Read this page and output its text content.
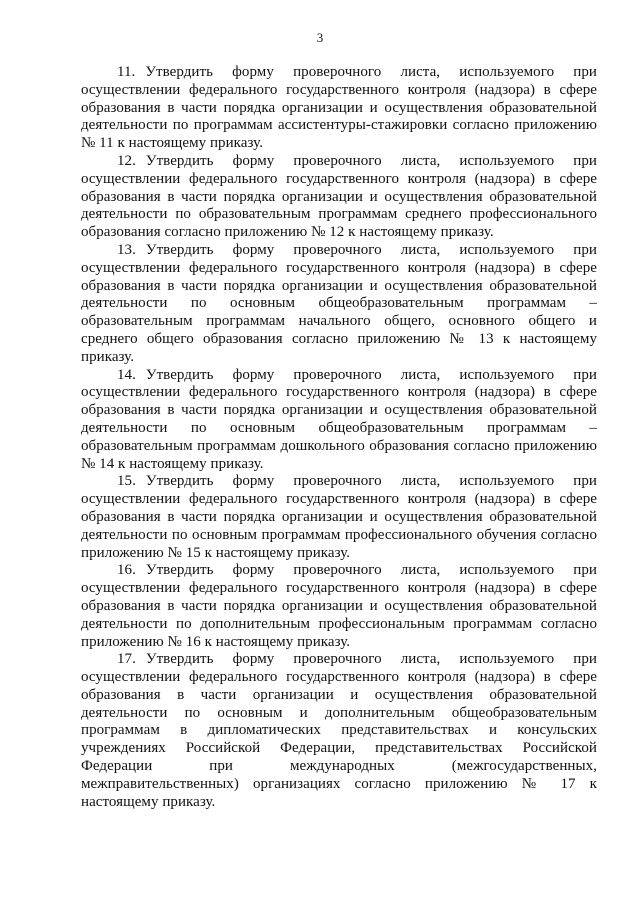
3

11. Утвердить форму проверочного листа, используемого при осуществлении федерального государственного контроля (надзора) в сфере образования в части порядка организации и осуществления образовательной деятельности по программам ассистентуры-стажировки согласно приложению № 11 к настоящему приказу.

12. Утвердить форму проверочного листа, используемого при осуществлении федерального государственного контроля (надзора) в сфере образования в части порядка организации и осуществления образовательной деятельности по образовательным программам среднего профессионального образования согласно приложению № 12 к настоящему приказу.

13. Утвердить форму проверочного листа, используемого при осуществлении федерального государственного контроля (надзора) в сфере образования в части порядка организации и осуществления образовательной деятельности по основным общеобразовательным программам – образовательным программам начального общего, основного общего и среднего общего образования согласно приложению № 13 к настоящему приказу.

14. Утвердить форму проверочного листа, используемого при осуществлении федерального государственного контроля (надзора) в сфере образования в части порядка организации и осуществления образовательной деятельности по основным общеобразовательным программам – образовательным программам дошкольного образования согласно приложению № 14 к настоящему приказу.

15. Утвердить форму проверочного листа, используемого при осуществлении федерального государственного контроля (надзора) в сфере образования в части порядка организации и осуществления образовательной деятельности по основным программам профессионального обучения согласно приложению № 15 к настоящему приказу.

16. Утвердить форму проверочного листа, используемого при осуществлении федерального государственного контроля (надзора) в сфере образования в части порядка организации и осуществления образовательной деятельности по дополнительным профессиональным программам согласно приложению № 16 к настоящему приказу.

17. Утвердить форму проверочного листа, используемого при осуществлении федерального государственного контроля (надзора) в сфере образования в части организации и осуществления образовательной деятельности по основным и дополнительным общеобразовательным программам в дипломатических представительствах и консульских учреждениях Российской Федерации, представительствах Российской Федерации при международных (межгосударственных, межправительственных) организациях согласно приложению № 17 к настоящему приказу.
